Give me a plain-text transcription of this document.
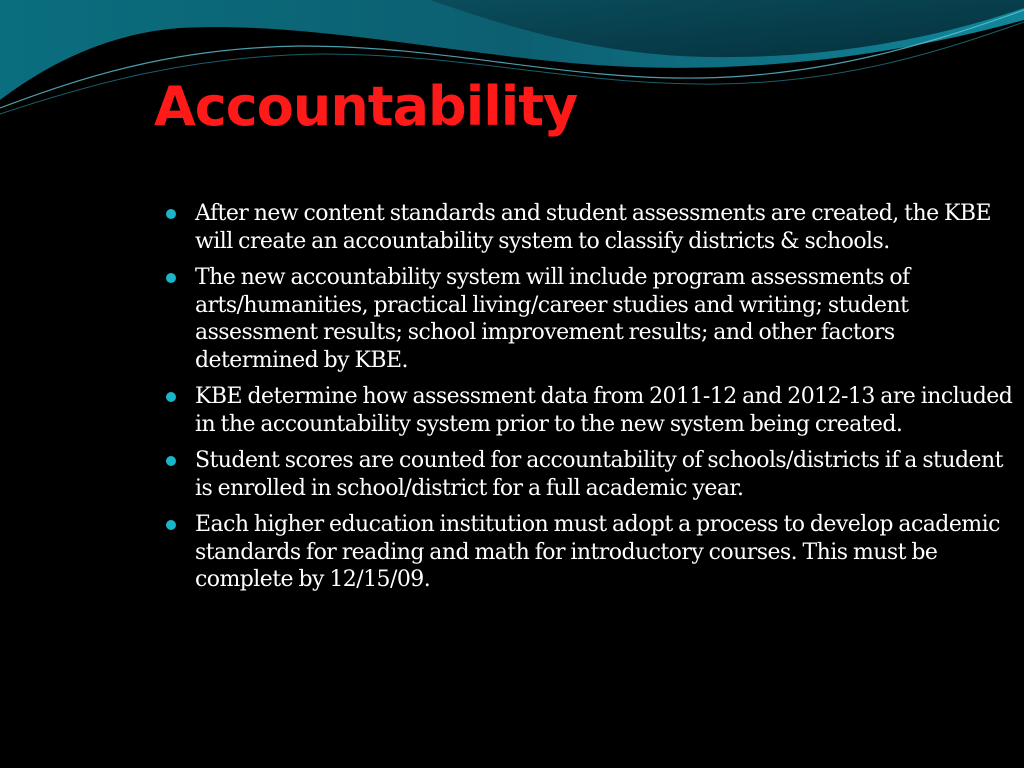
Accountability
After new content standards and student assessments are created, the KBE will create an accountability system to classify districts & schools.
The new accountability system will include program assessments of arts/humanities, practical living/career studies and writing; student assessment results; school improvement results; and other factors determined by KBE.
KBE determine how assessment data from 2011-12 and 2012-13 are included in the accountability system prior to the new system being created.
Student scores are counted for accountability of schools/districts if a student is enrolled in school/district for a full academic year.
Each higher education institution must adopt a process to develop academic standards for reading and math for introductory courses. This must be complete by 12/15/09.
